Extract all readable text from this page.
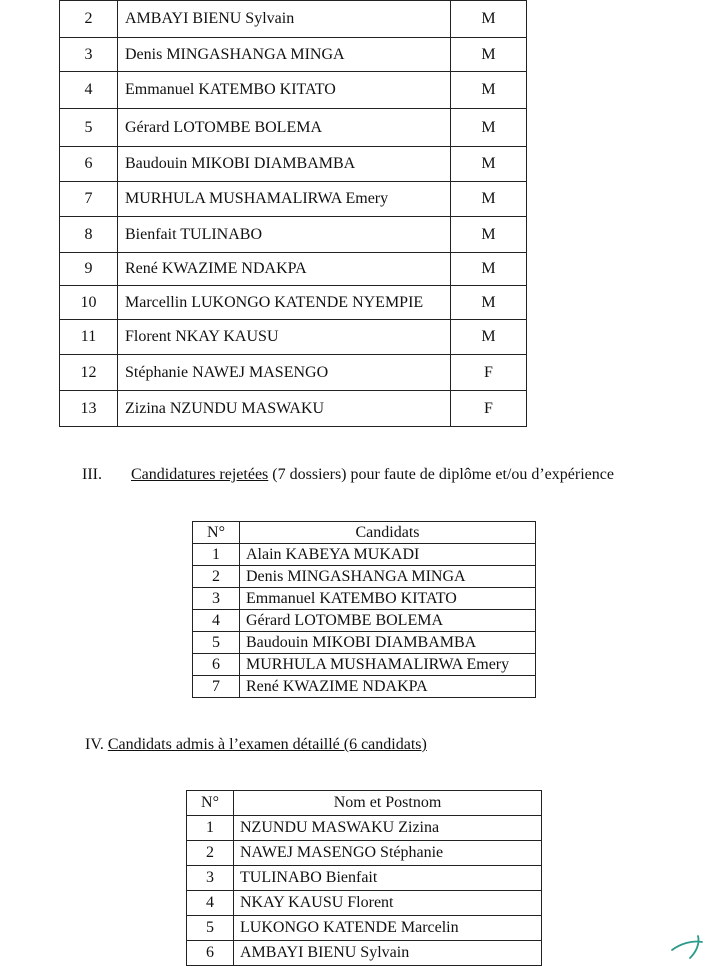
2	AMBAYI BIENU Sylvain	M
3	Denis MINGASHANGA MINGA	M
4	Emmanuel KATEMBO KITATO	M
5	Gérard LOTOMBE BOLEMA	M
6	Baudouin MIKOBI DIAMBAMBA	M
7	MURHULA MUSHAMALIRWA Emery	M
8	Bienfait TULINABO	M
9	René KWAZIME NDAKPA	M
10	Marcellin LUKONGO KATENDE NYEMPIE	M
11	Florent NKAY KAUSU	M
12	Stéphanie NAWEJ MASENGO	F
13	Zizina NZUNDU MASWAKU	F
III. Candidatures rejetées (7 dossiers) pour faute de diplôme et/ou d’expérience
N°	Candidats
1	Alain KABEYA MUKADI
2	Denis MINGASHANGA MINGA
3	Emmanuel KATEMBO KITATO
4	Gérard LOTOMBE BOLEMA
5	Baudouin MIKOBI DIAMBAMBA
6	MURHULA MUSHAMALIRWA Emery
7	René KWAZIME NDAKPA
IV. Candidats admis à l’examen détaillé (6 candidats)
N°	Nom et Postnom
1	NZUNDU MASWAKU Zizina
2	NAWEJ MASENGO Stéphanie
3	TULINABO Bienfait
4	NKAY KAUSU Florent
5	LUKONGO KATENDE Marcelin
6	AMBAYI BIENU Sylvain
